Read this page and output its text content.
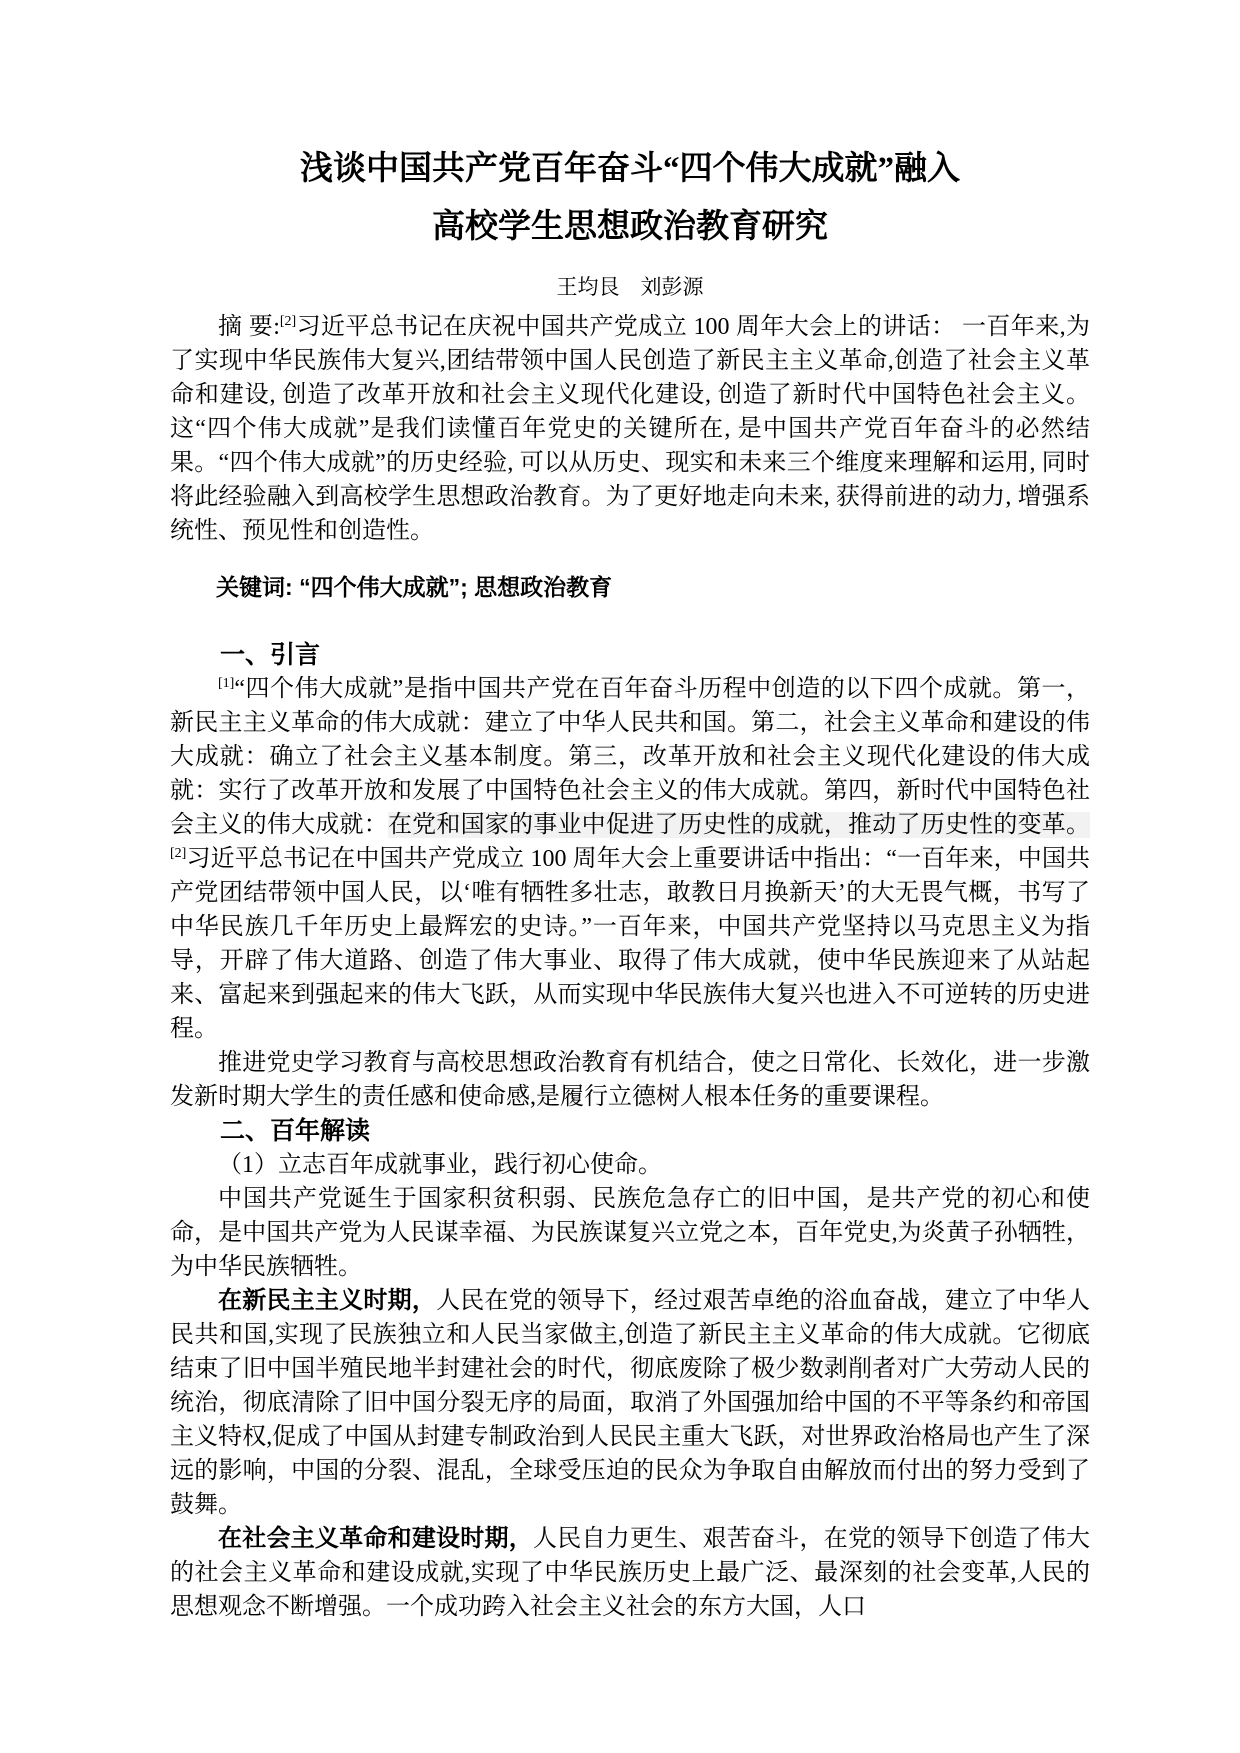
浅谈中国共产党百年奋斗“四个伟大成就”融入
高校学生思想政治教育研究
王均艮　刘彭源

摘 要:[2]习近平总书记在庆祝中国共产党成立 100 周年大会上的讲话： 一百年来,为了实现中华民族伟大复兴,团结带领中国人民创造了新民主主义革命,创造了社会主义革命和建设, 创造了改革开放和社会主义现代化建设, 创造了新时代中国特色社会主义。这“四个伟大成就”是我们读懂百年党史的关键所在, 是中国共产党百年奋斗的必然结果。“四个伟大成就”的历史经验, 可以从历史、现实和未来三个维度来理解和运用, 同时将此经验融入到高校学生思想政治教育。为了更好地走向未来, 获得前进的动力, 增强系统性、预见性和创造性。

关键词: “四个伟大成就”; 思想政治教育

一、引言

[1]“四个伟大成就”是指中国共产党在百年奋斗历程中创造的以下四个成就。第一，新民主主义革命的伟大成就：建立了中华人民共和国。第二，社会主义革命和建设的伟大成就：确立了社会主义基本制度。第三，改革开放和社会主义现代化建设的伟大成就：实行了改革开放和发展了中国特色社会主义的伟大成就。第四，新时代中国特色社会主义的伟大成就：在党和国家的事业中促进了历史性的成就，推动了历史性的变革。[2]习近平总书记在中国共产党成立 100 周年大会上重要讲话中指出：“一百年来，中国共产党团结带领中国人民，以‘唯有牺牲多壮志，敢教日月换新天’的大无畏气概，书写了中华民族几千年历史上最辉宏的史诗。”一百年来，中国共产党坚持以马克思主义为指导，开辟了伟大道路、创造了伟大事业、取得了伟大成就，使中华民族迎来了从站起来、富起来到强起来的伟大飞跃，从而实现中华民族伟大复兴也进入不可逆转的历史进程。

推进党史学习教育与高校思想政治教育有机结合，使之日常化、长效化，进一步激发新时期大学生的责任感和使命感,是履行立德树人根本任务的重要课程。

二、百年解读

（1）立志百年成就事业，践行初心使命。

中国共产党诞生于国家积贫积弱、民族危急存亡的旧中国，是共产党的初心和使命，是中国共产党为人民谋幸福、为民族谋复兴立党之本，百年党史,为炎黄子孙牺牲，为中华民族牺牲。

在新民主主义时期，人民在党的领导下，经过艰苦卓绝的浴血奋战，建立了中华人民共和国,实现了民族独立和人民当家做主,创造了新民主主义革命的伟大成就。它彻底结束了旧中国半殖民地半封建社会的时代，彻底废除了极少数剥削者对广大劳动人民的统治，彻底清除了旧中国分裂无序的局面，取消了外国强加给中国的不平等条约和帝国主义特权,促成了中国从封建专制政治到人民民主重大飞跃，对世界政治格局也产生了深远的影响，中国的分裂、混乱，全球受压迫的民众为争取自由解放而付出的努力受到了鼓舞。

在社会主义革命和建设时期，人民自力更生、艰苦奋斗，在党的领导下创造了伟大的社会主义革命和建设成就,实现了中华民族历史上最广泛、最深刻的社会变革,人民的思想观念不断增强。一个成功跨入社会主义社会的东方大国，人口
